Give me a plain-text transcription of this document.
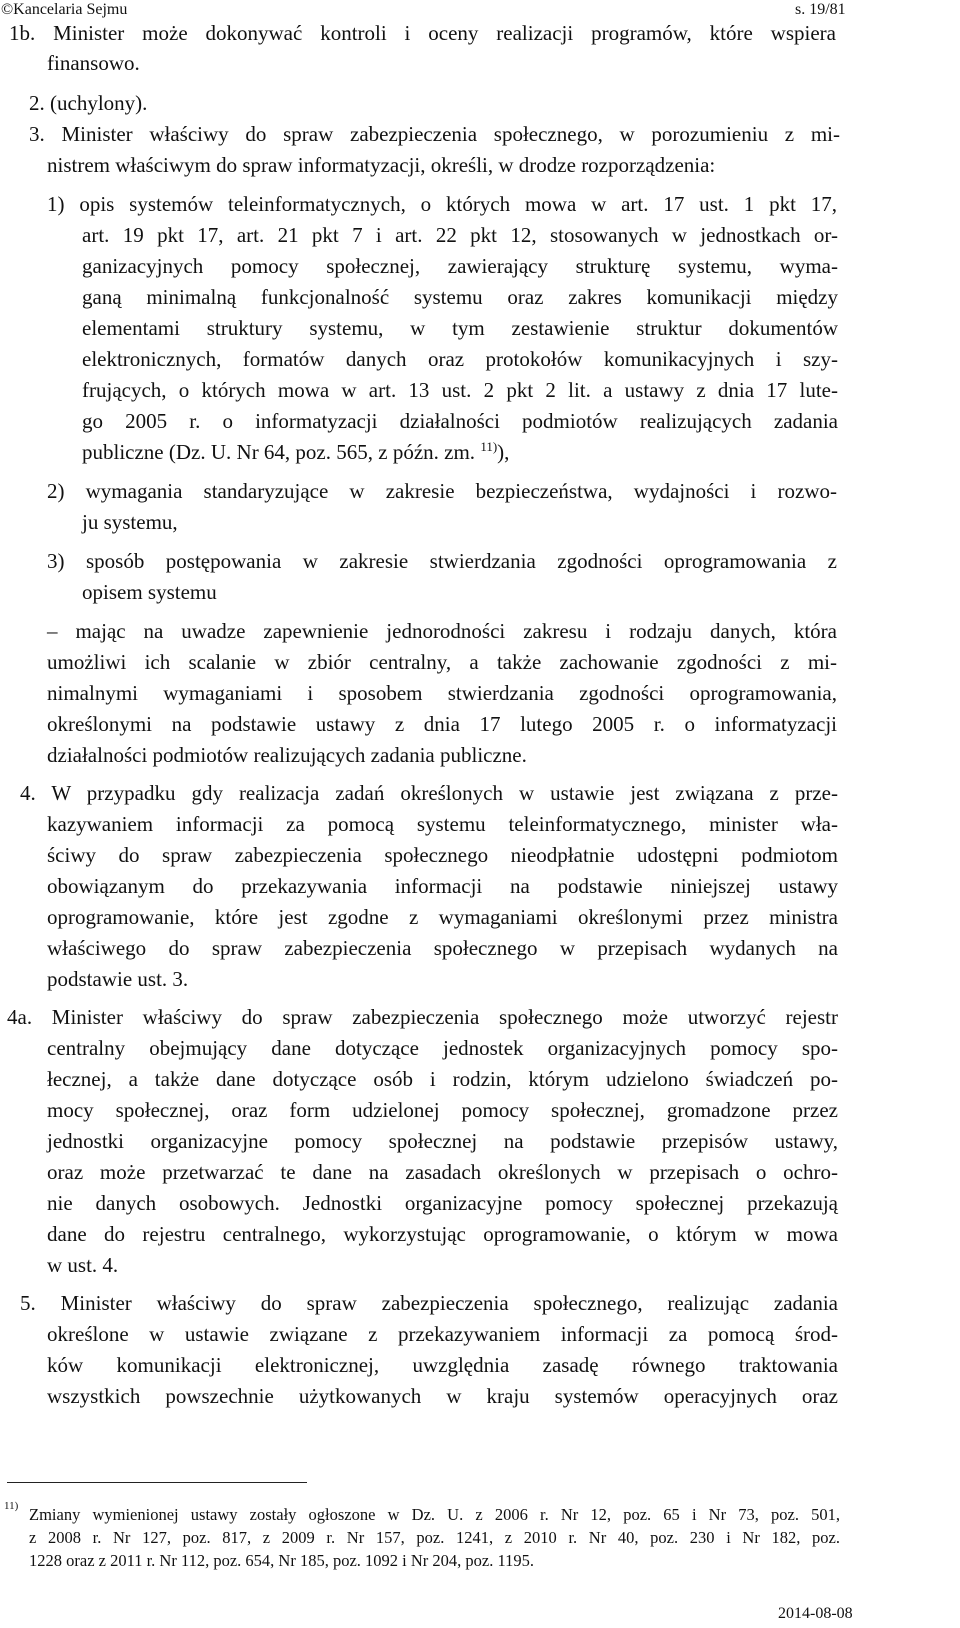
©Kancelaria Sejmu	s. 19/81
1b. Minister może dokonywać kontroli i oceny realizacji programów, które wspiera
finansowo.
2. (uchylony).
3. Minister właściwy do spraw zabezpieczenia społecznego, w porozumieniu z mi-
nistrem właściwym do spraw informatyzacji, określi, w drodze rozporządzenia:
1) opis systemów teleinformatycznych, o których mowa w art. 17 ust. 1 pkt 17,
art. 19 pkt 17, art. 21 pkt 7 i art. 22 pkt 12, stosowanych w jednostkach or-
ganizacyjnych pomocy społecznej, zawierający strukturę systemu, wyma-
ganą minimalną funkcjonalność systemu oraz zakres komunikacji między
elementami struktury systemu, w tym zestawienie struktur dokumentów
elektronicznych, formatów danych oraz protokołów komunikacyjnych i szy-
frujących, o których mowa w art. 13 ust. 2 pkt 2 lit. a ustawy z dnia 17 lute-
go 2005 r. o informatyzacji działalności podmiotów realizujących zadania
publiczne (Dz. U. Nr 64, poz. 565, z późn. zm. $^{11)}$),
2) wymagania standaryzujące w zakresie bezpieczeństwa, wydajności i rozwo-
ju systemu,
3) sposób postępowania w zakresie stwierdzania zgodności oprogramowania z
opisem systemu
– mając na uwadze zapewnienie jednorodności zakresu i rodzaju danych, która
umożliwi ich scalanie w zbiór centralny, a także zachowanie zgodności z mi-
nimalnymi wymaganiami i sposobem stwierdzania zgodności oprogramowania,
określonymi na podstawie ustawy z dnia 17 lutego 2005 r. o informatyzacji
działalności podmiotów realizujących zadania publiczne.
4. W przypadku gdy realizacja zadań określonych w ustawie jest związana z prze-
kazywaniem informacji za pomocą systemu teleinformatycznego, minister wła-
ściwy do spraw zabezpieczenia społecznego nieodpłatnie udostępni podmiotom
obowiązanym do przekazywania informacji na podstawie niniejszej ustawy
oprogramowanie, które jest zgodne z wymaganiami określonymi przez ministra
właściwego do spraw zabezpieczenia społecznego w przepisach wydanych na
podstawie ust. 3.
4a. Minister właściwy do spraw zabezpieczenia społecznego może utworzyć rejestr
centralny obejmujący dane dotyczące jednostek organizacyjnych pomocy spo-
łecznej, a także dane dotyczące osób i rodzin, którym udzielono świadczeń po-
mocy społecznej, oraz form udzielonej pomocy społecznej, gromadzone przez
jednostki organizacyjne pomocy społecznej na podstawie przepisów ustawy,
oraz może przetwarzać te dane na zasadach określonych w przepisach o ochro-
nie danych osobowych. Jednostki organizacyjne pomocy społecznej przekazują
dane do rejestru centralnego, wykorzystując oprogramowanie, o którym w mowa
w ust. 4.
5. Minister właściwy do spraw zabezpieczenia społecznego, realizując zadania
określone w ustawie związane z przekazywaniem informacji za pomocą środ-
ków komunikacji elektronicznej, uwzględnia zasadę równego traktowania
wszystkich powszechnie użytkowanych w kraju systemów operacyjnych oraz
11) Zmiany wymienionej ustawy zostały ogłoszone w Dz. U. z 2006 r. Nr 12, poz. 65 i Nr 73, poz. 501,
z 2008 r. Nr 127, poz. 817, z 2009 r. Nr 157, poz. 1241, z 2010 r. Nr 40, poz. 230 i Nr 182, poz.
1228 oraz z 2011 r. Nr 112, poz. 654, Nr 185, poz. 1092 i Nr 204, poz. 1195.
2014-08-08
